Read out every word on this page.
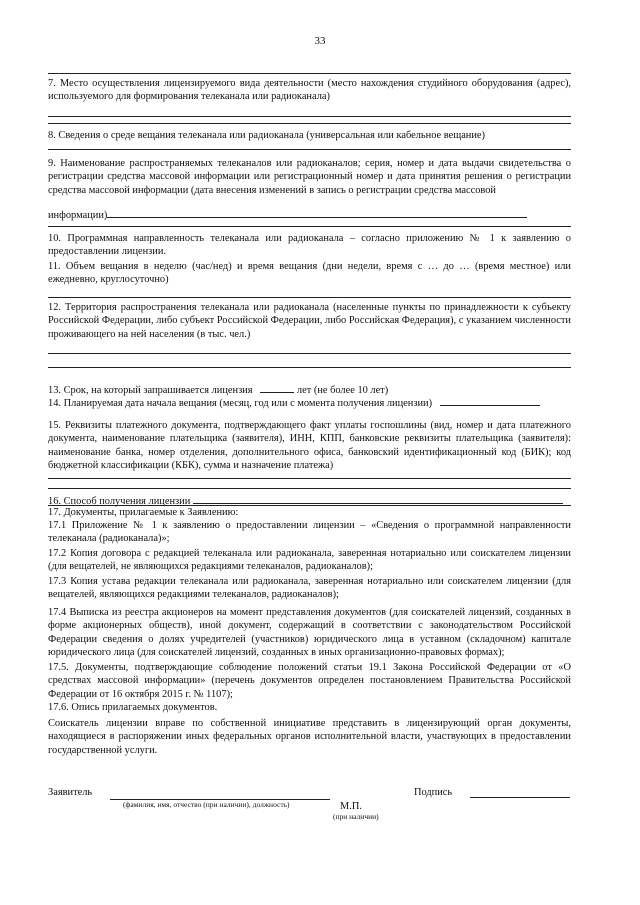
33

7. Место осуществления лицензируемого вида деятельности (место нахождения студийного оборудования (адрес), используемого для формирования телеканала или радиоканала)

8. Сведения о среде вещания телеканала или радиоканала (универсальная или кабельное вещание)

9. Наименование распространяемых телеканалов или радиоканалов; серия, номер и дата выдачи свидетельства о регистрации средства массовой информации или регистрационный номер и дата принятия решения о регистрации средства массовой информации (дата внесения изменений в запись о регистрации средства массовой

информации)

10. Программная направленность телеканала или радиоканала – согласно приложению № 1 к заявлению о предоставлении лицензии.

11. Объем вещания в неделю (час/нед) и время вещания (дни недели, время с … до … (время местное) или ежедневно, круглосуточно)

12. Территория распространения телеканала или радиоканала (населенные пункты по принадлежности к субъекту Российской Федерации, либо субъект Российской Федерации, либо Российская Федерация), с указанием численности проживающего на ней населения (в тыс. чел.)

13. Срок, на который запрашивается лицензия	лет (не более 10 лет)

14. Планируемая дата начала вещания (месяц, год или с момента получения лицензии)

15. Реквизиты платежного документа, подтверждающего факт уплаты госпошлины (вид, номер и дата платежного документа, наименование плательщика (заявителя), ИНН, КПП, банковские реквизиты плательщика (заявителя): наименование банка, номер отделения, дополнительного офиса, банковский идентификационный код (БИК); код бюджетной классификации (КБК), сумма и назначение платежа)

16. Способ получения лицензии

17. Документы, прилагаемые к Заявлению:

17.1 Приложение № 1 к заявлению о предоставлении лицензии – «Сведения о программной направленности телеканала (радиоканала)»;

17.2 Копия договора с редакцией телеканала или радиоканала, заверенная нотариально или соискателем лицензии (для вещателей, не являющихся редакциями телеканалов, радиоканалов);

17.3 Копия устава редакции телеканала или радиоканала, заверенная нотариально или соискателем лицензии (для вещателей, являющихся редакциями телеканалов, радиоканалов);

17.4 Выписка из реестра акционеров на момент представления документов (для соискателей лицензий, созданных в форме акционерных обществ), иной документ, содержащий в соответствии с законодательством Российской Федерации сведения о долях учредителей (участников) юридического лица в уставном (складочном) капитале юридического лица (для соискателей лицензий, созданных в иных организационно-правовых формах);

17.5. Документы, подтверждающие соблюдение положений статьи 19.1 Закона Российской Федерации от «О средствах массовой информации» (перечень документов определен постановлением Правительства Российской Федерации от 16 октября 2015 г. № 1107);

17.6. Опись прилагаемых документов.

Соискатель лицензии вправе по собственной инициативе представить в лицензирующий орган документы, находящиеся в распоряжении иных федеральных органов исполнительной власти, участвующих в предоставлении государственной услуги.

Заявитель
(фамилия, имя, отчество (при наличии), должность)	М.П.
(при наличии)
Подпись
